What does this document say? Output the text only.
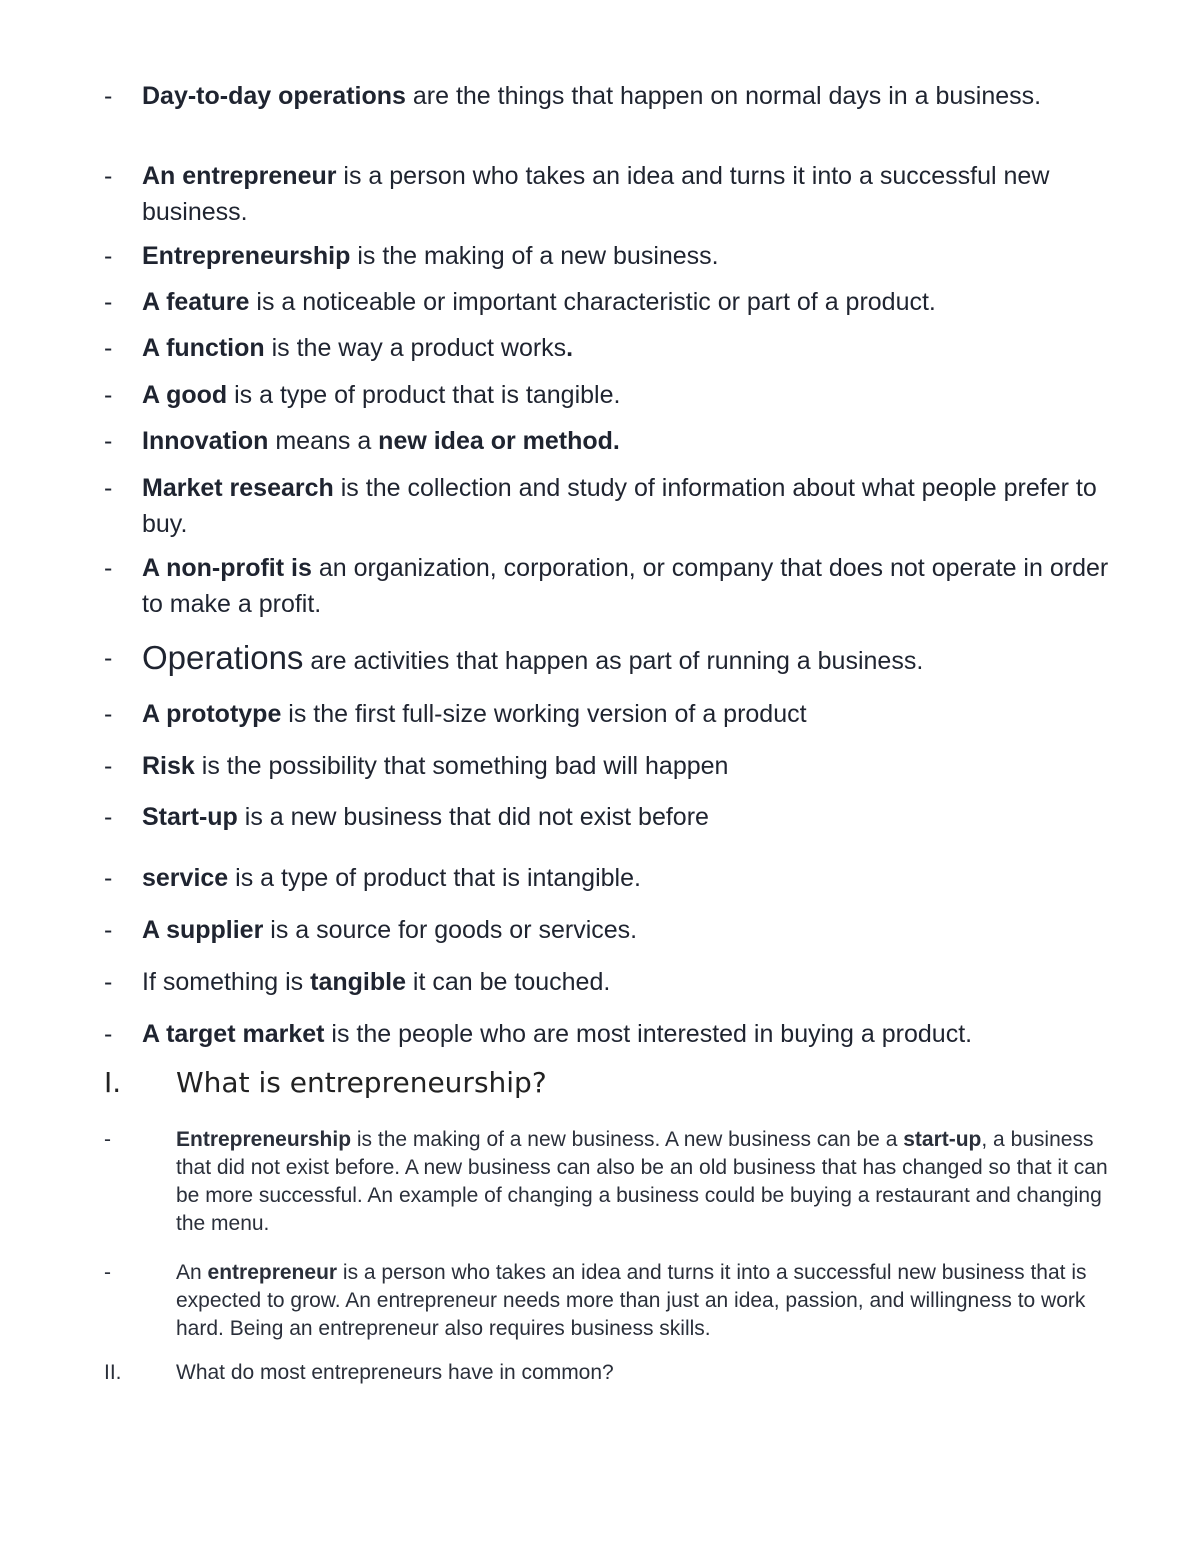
-	Day-to-day operations are the things that happen on normal days in a business.
-	An entrepreneur is a person who takes an idea and turns it into a successful new business.
-	Entrepreneurship is the making of a new business.
-	A feature is a noticeable or important characteristic or part of a product.
-	A function is the way a product works.
-	A good is a type of product that is tangible.
-	Innovation means a new idea or method.
-	Market research is the collection and study of information about what people prefer to buy.
-	A non-profit is an organization, corporation, or company that does not operate in order to make a profit.
- Operations are activities that happen as part of running a business.
-	A prototype is the first full-size working version of a product
-	Risk is the possibility that something bad will happen
-	Start-up is a new business that did not exist before
-	service is a type of product that is intangible.
-	A supplier is a source for goods or services.
-	If something is tangible it can be touched.
-	A target market is the people who are most interested in buying a product.
I. What is entrepreneurship?
-	Entrepreneurship is the making of a new business. A new business can be a start-up, a business that did not exist before. A new business can also be an old business that has changed so that it can be more successful. An example of changing a business could be buying a restaurant and changing the menu.
-	An entrepreneur is a person who takes an idea and turns it into a successful new business that is expected to grow. An entrepreneur needs more than just an idea, passion, and willingness to work hard. Being an entrepreneur also requires business skills.
II.	What do most entrepreneurs have in common?
